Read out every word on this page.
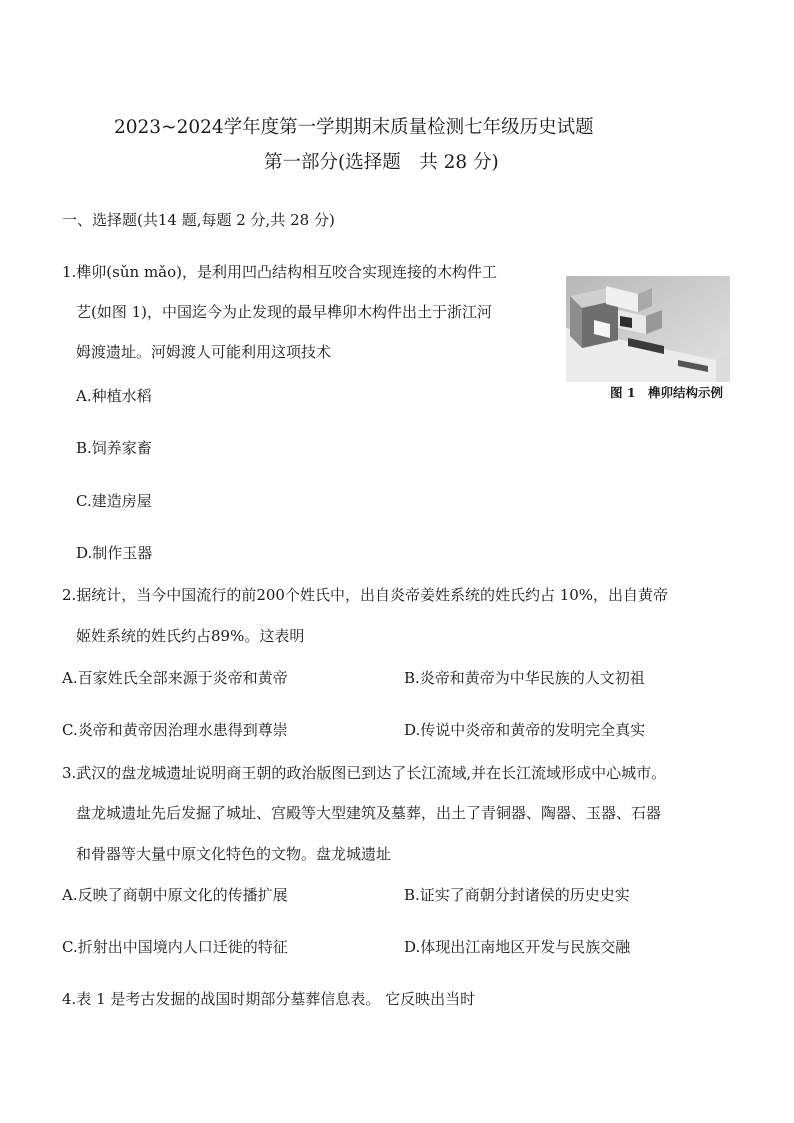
2023~2024学年度第一学期期末质量检测七年级历史试题
第一部分(选择题　共 28 分)
一、选择题(共14 题,每题 2 分,共 28 分)
1.榫卯(sǔn mǎo)，是利用凹凸结构相互咬合实现连接的木构件工
艺(如图 1)，中国迄今为止发现的最早榫卯木构件出土于浙江河
姆渡遗址。河姆渡人可能利用这项技术
A.种植水稻
B.饲养家畜
C.建造房屋
D.制作玉器
图 1　榫卯结构示例
2.据统计，当今中国流行的前200个姓氏中，出自炎帝姜姓系统的姓氏约占 10%，出自黄帝
姬姓系统的姓氏约占89%。这表明
A.百家姓氏全部来源于炎帝和黄帝	B.炎帝和黄帝为中华民族的人文初祖
C.炎帝和黄帝因治理水患得到尊崇	D.传说中炎帝和黄帝的发明完全真实
3.武汉的盘龙城遗址说明商王朝的政治版图已到达了长江流域,并在长江流域形成中心城市。
盘龙城遗址先后发掘了城址、宫殿等大型建筑及墓葬，出土了青铜器、陶器、玉器、石器
和骨器等大量中原文化特色的文物。盘龙城遗址
A.反映了商朝中原文化的传播扩展	B.证实了商朝分封诸侯的历史史实
C.折射出中国境内人口迁徙的特征	D.体现出江南地区开发与民族交融
4.表 1 是考古发掘的战国时期部分墓葬信息表。 它反映出当时
